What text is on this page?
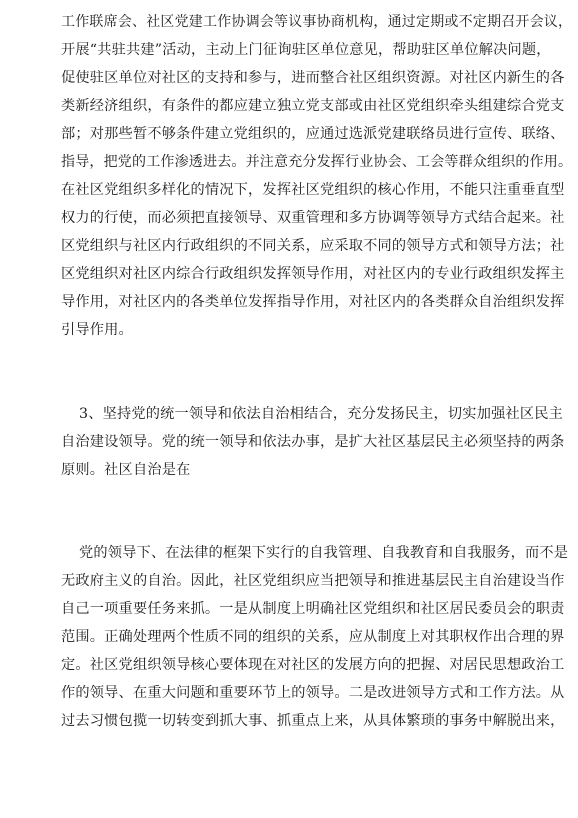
工作联席会、社区党建工作协调会等议事协商机构，通过定期或不定期召开会议，
开展“共驻共建”活动，主动上门征询驻区单位意见，帮助驻区单位解决问题，
促使驻区单位对社区的支持和参与，进而整合社区组织资源。对社区内新生的各
类新经济组织，有条件的都应建立独立党支部或由社区党组织牵头组建综合党支
部；对那些暂不够条件建立党组织的，应通过选派党建联络员进行宣传、联络、
指导，把党的工作渗透进去。并注意充分发挥行业协会、工会等群众组织的作用。
在社区党组织多样化的情况下，发挥社区党组织的核心作用，不能只注重垂直型
权力的行使，而必须把直接领导、双重管理和多方协调等领导方式结合起来。社
区党组织与社区内行政组织的不同关系，应采取不同的领导方式和领导方法；社
区党组织对社区内综合行政组织发挥领导作用，对社区内的专业行政组织发挥主
导作用，对社区内的各类单位发挥指导作用，对社区内的各类群众自治组织发挥
引导作用。
3、坚持党的统一领导和依法自治相结合，充分发扬民主，切实加强社区民主
自治建设领导。党的统一领导和依法办事，是扩大社区基层民主必须坚持的两条
原则。社区自治是在
党的领导下、在法律的框架下实行的自我管理、自我教育和自我服务，而不是
无政府主义的自治。因此，社区党组织应当把领导和推进基层民主自治建设当作
自己一项重要任务来抓。一是从制度上明确社区党组织和社区居民委员会的职责
范围。正确处理两个性质不同的组织的关系，应从制度上对其职权作出合理的界
定。社区党组织领导核心要体现在对社区的发展方向的把握、对居民思想政治工
作的领导、在重大问题和重要环节上的领导。二是改进领导方式和工作方法。从
过去习惯包揽一切转变到抓大事、抓重点上来，从具体繁琐的事务中解脱出来，
